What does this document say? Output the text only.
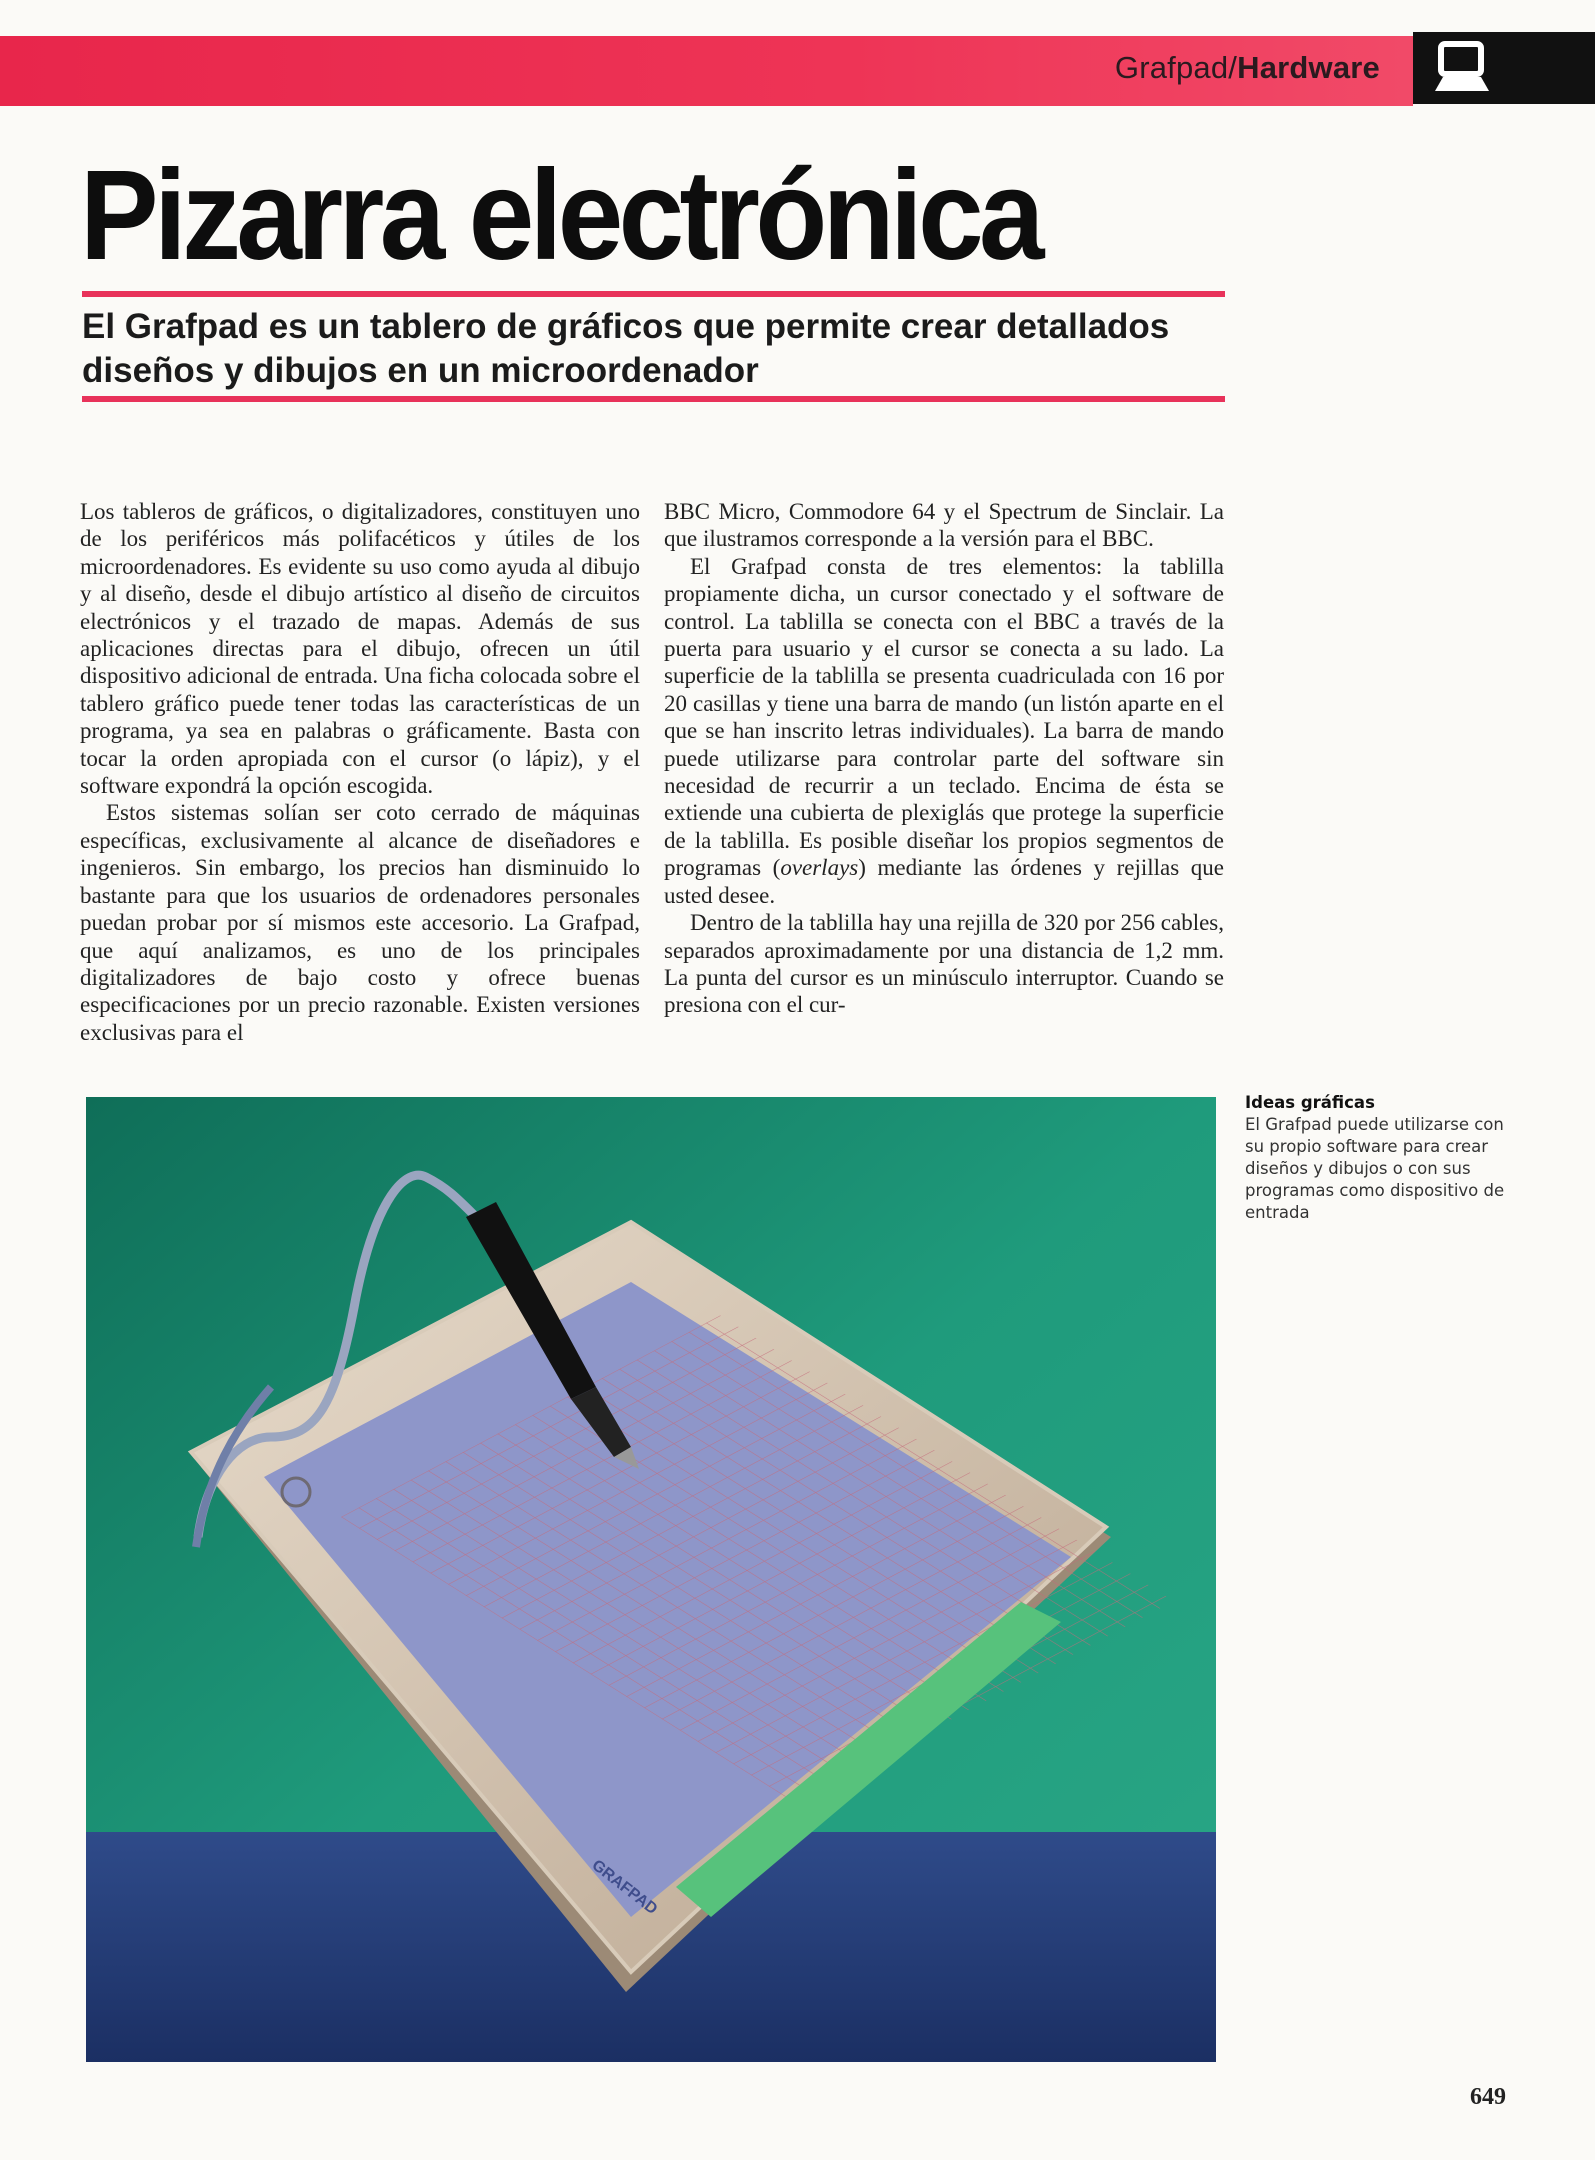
Grafpad/Hardware
Pizarra electrónica

El Grafpad es un tablero de gráficos que permite crear detallados diseños y dibujos en un microordenador

Los tableros de gráficos, o digitalizadores, constituyen uno de los periféricos más polifacéticos y útiles de los microordenadores. Es evidente su uso como ayuda al dibujo y al diseño, desde el dibujo artístico al diseño de circuitos electrónicos y el trazado de mapas. Además de sus aplicaciones directas para el dibujo, ofrecen un útil dispositivo adicional de entrada. Una ficha colocada sobre el tablero gráfico puede tener todas las características de un programa, ya sea en palabras o gráficamente. Basta con tocar la orden apropiada con el cursor (o lápiz), y el software expondrá la opción escogida.

Estos sistemas solían ser coto cerrado de máquinas específicas, exclusivamente al alcance de diseñadores e ingenieros. Sin embargo, los precios han disminuido lo bastante para que los usuarios de ordenadores personales puedan probar por sí mismos este accesorio. La Grafpad, que aquí analizamos, es uno de los principales digitalizadores de bajo costo y ofrece buenas especificaciones por un precio razonable. Existen versiones exclusivas para el

BBC Micro, Commodore 64 y el Spectrum de Sinclair. La que ilustramos corresponde a la versión para el BBC.

El Grafpad consta de tres elementos: la tablilla propiamente dicha, un cursor conectado y el software de control. La tablilla se conecta con el BBC a través de la puerta para usuario y el cursor se conecta a su lado. La superficie de la tablilla se presenta cuadriculada con 16 por 20 casillas y tiene una barra de mando (un listón aparte en el que se han inscrito letras individuales). La barra de mando puede utilizarse para controlar parte del software sin necesidad de recurrir a un teclado. Encima de ésta se extiende una cubierta de plexiglás que protege la superficie de la tablilla. Es posible diseñar los propios segmentos de programas (overlays) mediante las órdenes y rejillas que usted desee.

Dentro de la tablilla hay una rejilla de 320 por 256 cables, separados aproximadamente por una distancia de 1,2 mm. La punta del cursor es un minúsculo interruptor. Cuando se presiona con el cur-

GRAFPAD
Ideas gráficas
El Grafpad puede utilizarse con su propio software para crear diseños y dibujos o con sus programas como dispositivo de entrada
649
